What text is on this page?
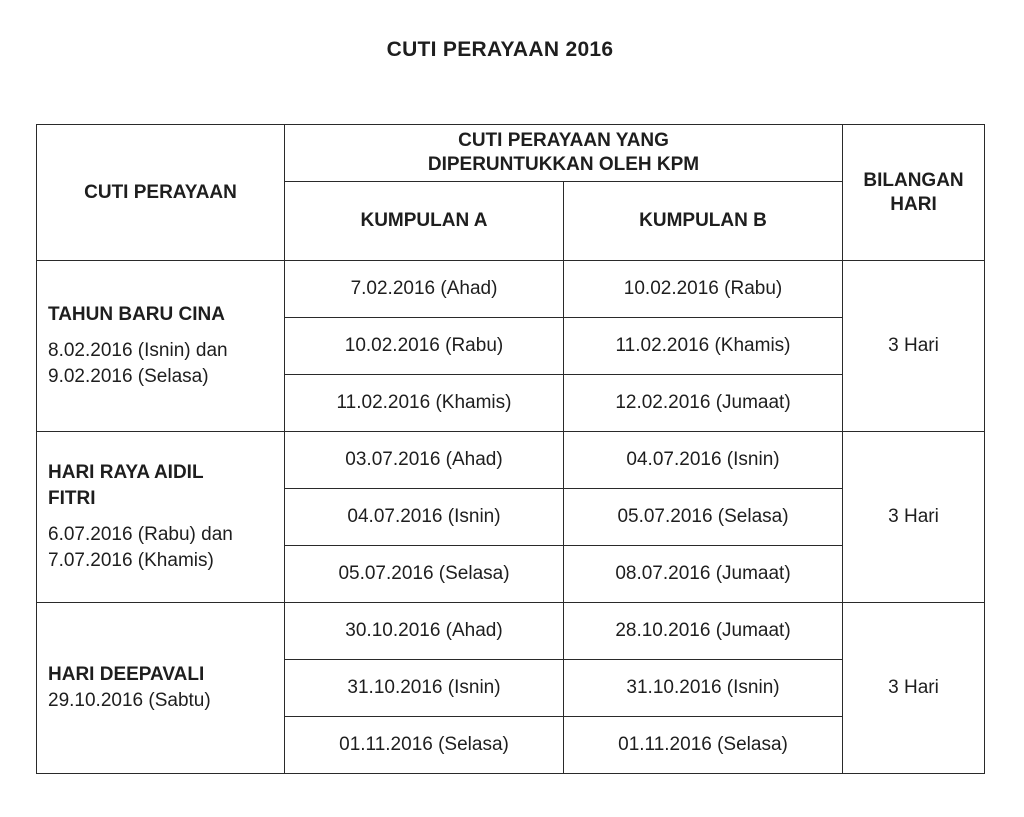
CUTI PERAYAAN 2016
CUTI PERAYAAN	CUTI PERAYAAN YANG DIPERUNTUKKAN OLEH KPM		BILANGAN HARI
	KUMPULAN A	KUMPULAN B	

TAHUN BARU CINA
8.02.2016 (Isnin) dan 9.02.2016 (Selasa)	7.02.2016 (Ahad)	10.02.2016 (Rabu)	3 Hari
	10.02.2016 (Rabu)	11.02.2016 (Khamis)	
	11.02.2016 (Khamis)	12.02.2016 (Jumaat)	

HARI RAYA AIDIL FITRI
6.07.2016 (Rabu) dan 7.07.2016 (Khamis)	03.07.2016 (Ahad)	04.07.2016 (Isnin)	3 Hari
	04.07.2016 (Isnin)	05.07.2016 (Selasa)	
	05.07.2016 (Selasa)	08.07.2016 (Jumaat)	

HARI DEEPAVALI
29.10.2016 (Sabtu)	30.10.2016 (Ahad)	28.10.2016 (Jumaat)	3 Hari
	31.10.2016 (Isnin)	31.10.2016 (Isnin)	
	01.11.2016 (Selasa)	01.11.2016 (Selasa)	
